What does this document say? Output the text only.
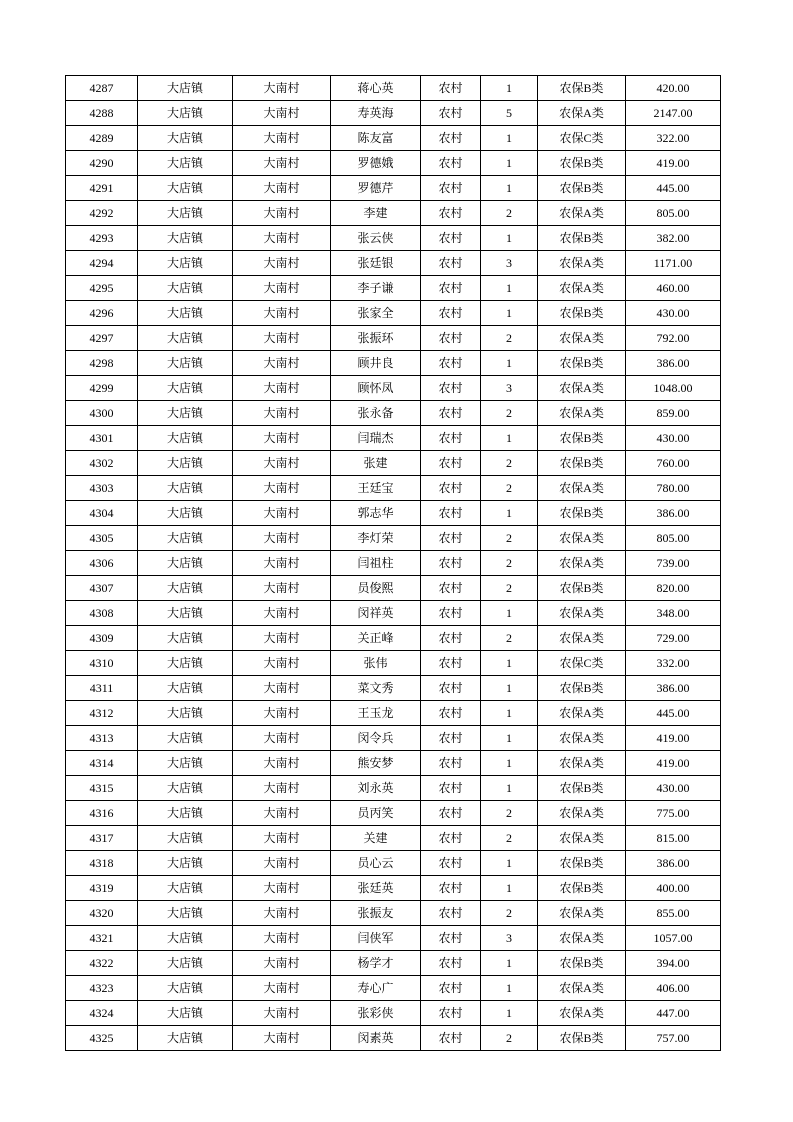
4287	大店镇	大南村	蒋心英	农村	1	农保B类	420.00
4288	大店镇	大南村	寿英海	农村	5	农保A类	2147.00
4289	大店镇	大南村	陈友富	农村	1	农保C类	322.00
4290	大店镇	大南村	罗德娥	农村	1	农保B类	419.00
4291	大店镇	大南村	罗德芹	农村	1	农保B类	445.00
4292	大店镇	大南村	李建	农村	2	农保A类	805.00
4293	大店镇	大南村	张云侠	农村	1	农保B类	382.00
4294	大店镇	大南村	张廷银	农村	3	农保A类	1171.00
4295	大店镇	大南村	李子谦	农村	1	农保A类	460.00
4296	大店镇	大南村	张家全	农村	1	农保B类	430.00
4297	大店镇	大南村	张振环	农村	2	农保A类	792.00
4298	大店镇	大南村	顾井良	农村	1	农保B类	386.00
4299	大店镇	大南村	顾怀凤	农村	3	农保A类	1048.00
4300	大店镇	大南村	张永备	农村	2	农保A类	859.00
4301	大店镇	大南村	闫瑞杰	农村	1	农保B类	430.00
4302	大店镇	大南村	张建	农村	2	农保B类	760.00
4303	大店镇	大南村	王廷宝	农村	2	农保A类	780.00
4304	大店镇	大南村	郭志华	农村	1	农保B类	386.00
4305	大店镇	大南村	李灯荣	农村	2	农保A类	805.00
4306	大店镇	大南村	闫祖柱	农村	2	农保A类	739.00
4307	大店镇	大南村	员俊熙	农村	2	农保B类	820.00
4308	大店镇	大南村	闵祥英	农村	1	农保A类	348.00
4309	大店镇	大南村	关正峰	农村	2	农保A类	729.00
4310	大店镇	大南村	张伟	农村	1	农保C类	332.00
4311	大店镇	大南村	菜文秀	农村	1	农保B类	386.00
4312	大店镇	大南村	王玉龙	农村	1	农保A类	445.00
4313	大店镇	大南村	闵令兵	农村	1	农保A类	419.00
4314	大店镇	大南村	熊安梦	农村	1	农保A类	419.00
4315	大店镇	大南村	刘永英	农村	1	农保B类	430.00
4316	大店镇	大南村	员丙笑	农村	2	农保A类	775.00
4317	大店镇	大南村	关建	农村	2	农保A类	815.00
4318	大店镇	大南村	员心云	农村	1	农保B类	386.00
4319	大店镇	大南村	张廷英	农村	1	农保B类	400.00
4320	大店镇	大南村	张振友	农村	2	农保A类	855.00
4321	大店镇	大南村	闫侠军	农村	3	农保A类	1057.00
4322	大店镇	大南村	杨学才	农村	1	农保B类	394.00
4323	大店镇	大南村	寿心广	农村	1	农保A类	406.00
4324	大店镇	大南村	张彩侠	农村	1	农保A类	447.00
4325	大店镇	大南村	闵素英	农村	2	农保B类	757.00
